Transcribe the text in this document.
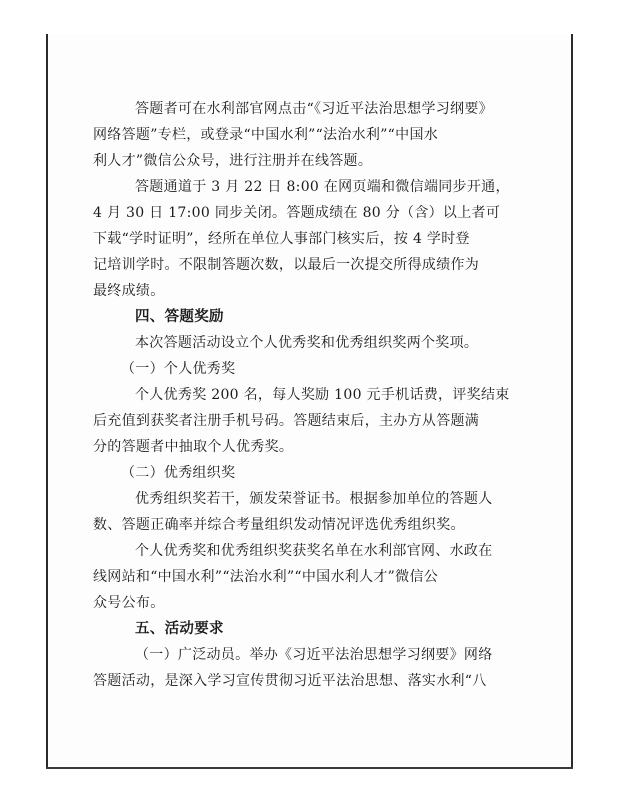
答题者可在水利部官网点击“《习近平法治思想学习纲要》
网络答题”专栏，或登录“中国水利”“法治水利”“中国水
利人才”微信公众号，进行注册并在线答题。
答题通道于 3 月 22 日 8:00 在网页端和微信端同步开通，
4 月 30 日 17:00 同步关闭。答题成绩在 80 分（含）以上者可
下载“学时证明”，经所在单位人事部门核实后，按 4 学时登
记培训学时。不限制答题次数，以最后一次提交所得成绩作为
最终成绩。
四、答题奖励
本次答题活动设立个人优秀奖和优秀组织奖两个奖项。
（一）个人优秀奖
个人优秀奖 200 名，每人奖励 100 元手机话费，评奖结束
后充值到获奖者注册手机号码。答题结束后，主办方从答题满
分的答题者中抽取个人优秀奖。
（二）优秀组织奖
优秀组织奖若干，颁发荣誉证书。根据参加单位的答题人
数、答题正确率并综合考量组织发动情况评选优秀组织奖。
个人优秀奖和优秀组织奖获奖名单在水利部官网、水政在
线网站和“中国水利”“法治水利”“中国水利人才”微信公
众号公布。
五、活动要求
（一）广泛动员。举办《习近平法治思想学习纲要》网络
答题活动，是深入学习宣传贯彻习近平法治思想、落实水利“八
